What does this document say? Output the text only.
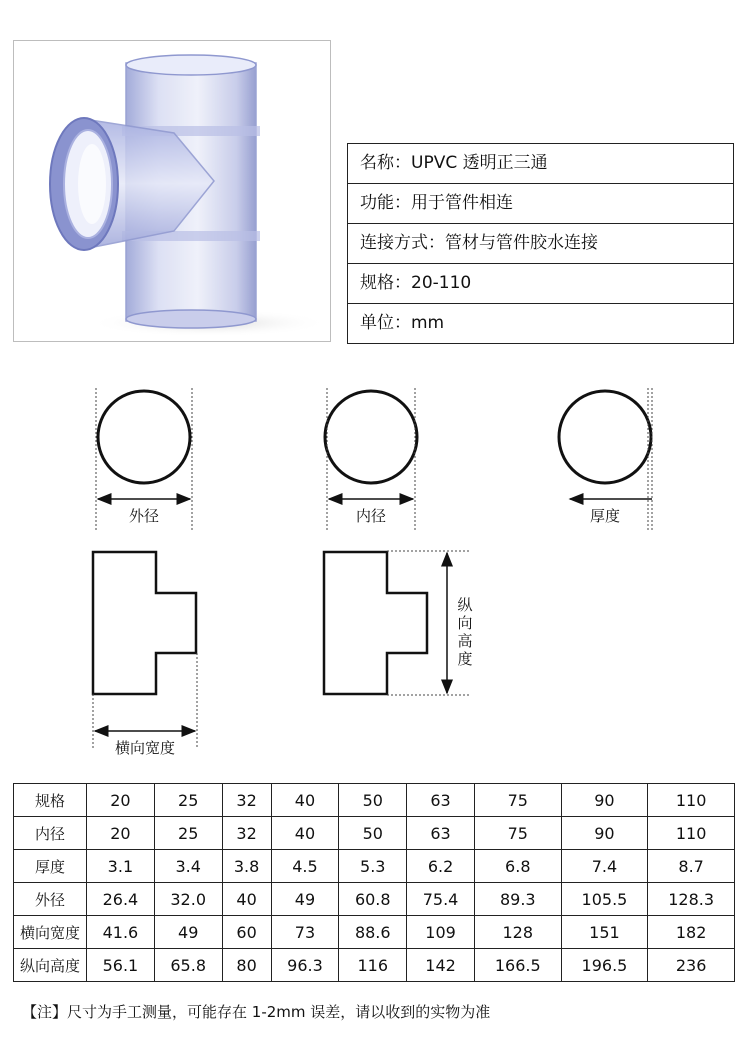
名称：UPVC 透明正三通
功能：用于管件相连
连接方式：管材与管件胶水连接
规格：20-110
单位：mm
外径	内径	厚度
横向宽度
纵
向
高
度
规格	20	25	32	40	50	63	75	90	110
内径	20	25	32	40	50	63	75	90	110
厚度	3.1	3.4	3.8	4.5	5.3	6.2	6.8	7.4	8.7
外径	26.4	32.0	40	49	60.8	75.4	89.3	105.5	128.3
横向宽度	41.6	49	60	73	88.6	109	128	151	182
纵向高度	56.1	65.8	80	96.3	116	142	166.5	196.5	236
【注】尺寸为手工测量，可能存在 1-2mm 误差，请以收到的实物为准
